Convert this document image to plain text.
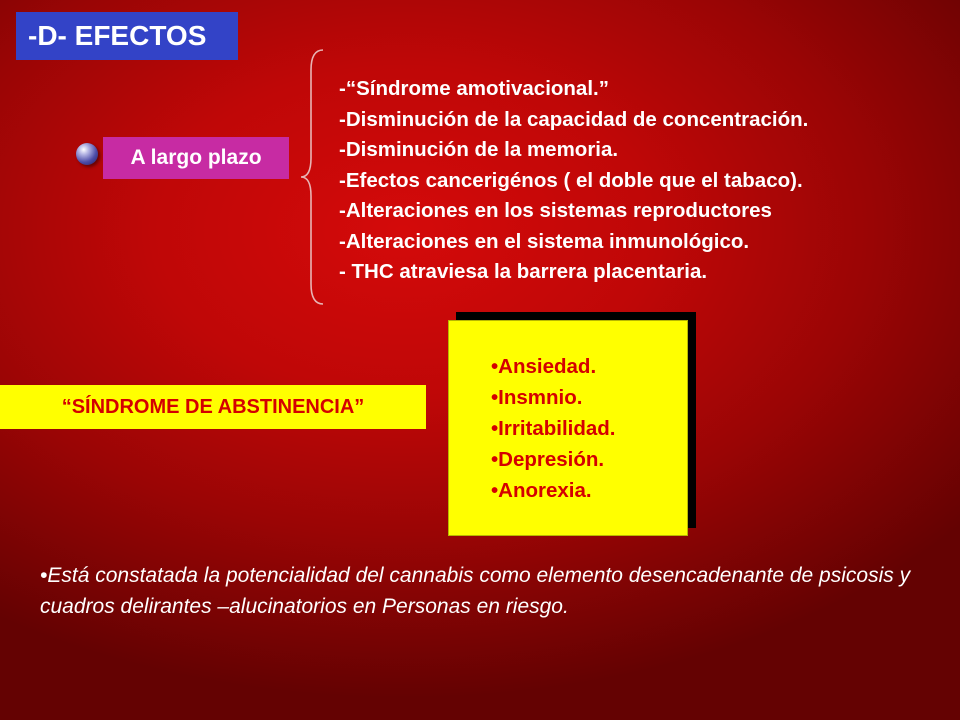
-D- EFECTOS
A largo plazo
-“Síndrome amotivacional.”
-Disminución de la capacidad de concentración.
-Disminución de la memoria.
-Efectos cancerigénos ( el doble que el tabaco).
-Alteraciones en los sistemas reproductores
-Alteraciones en el sistema inmunológico.
- THC atraviesa la barrera placentaria.
“SÍNDROME DE ABSTINENCIA”
•Ansiedad.
•Insmnio.
•Irritabilidad.
•Depresión.
•Anorexia.

•Está constatada la potencialidad del cannabis como elemento desencadenante de psicosis y cuadros delirantes –alucinatorios en Personas en riesgo.
